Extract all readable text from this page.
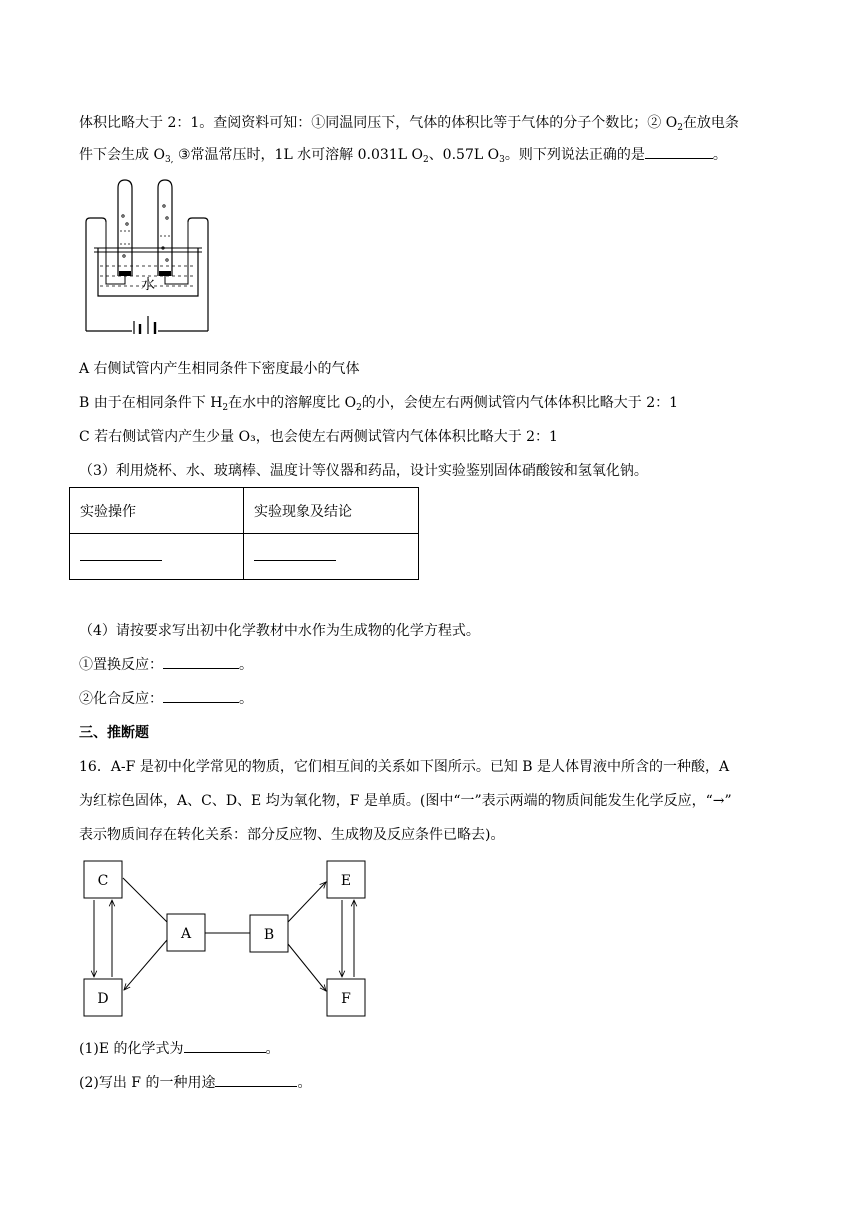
体积比略大于 2：1。查阅资料可知：①同温同压下，气体的体积比等于气体的分子个数比；② $O_2$在放电条
件下会生成 $O_{3,}$ ③常温常压时，1L 水可溶解 0.031L $O_2$、0.57L $O_3$。则下列说法正确的是	。
水
A 右侧试管内产生相同条件下密度最小的气体
B 由于在相同条件下 $H_2$在水中的溶解度比 $O_2$的小，会使左右两侧试管内气体体积比略大于 2：1
C 若右侧试管内产生少量 O₃，也会使左右两侧试管内气体体积比略大于 2：1
（3）利用烧杯、水、玻璃棒、温度计等仪器和药品，设计实验鉴别固体硝酸铵和氢氧化钠。
实验操作	实验现象及结论

（4）请按要求写出初中化学教材中水作为生成物的化学方程式。
①置换反应：	。
②化合反应：	。
三、推断题
16．A-F 是初中化学常见的物质，它们相互间的关系如下图所示。已知 B 是人体胃液中所含的一种酸，A
为红棕色固体，A、C、D、E 均为氧化物，F 是单质。(图中“一”表示两端的物质间能发生化学反应，“→”
表示物质间存在转化关系：部分反应物、生成物及反应条件已略去)。
C
D
A	B
E
F
(1)E 的化学式为	。
(2)写出 F 的一种用途	。
